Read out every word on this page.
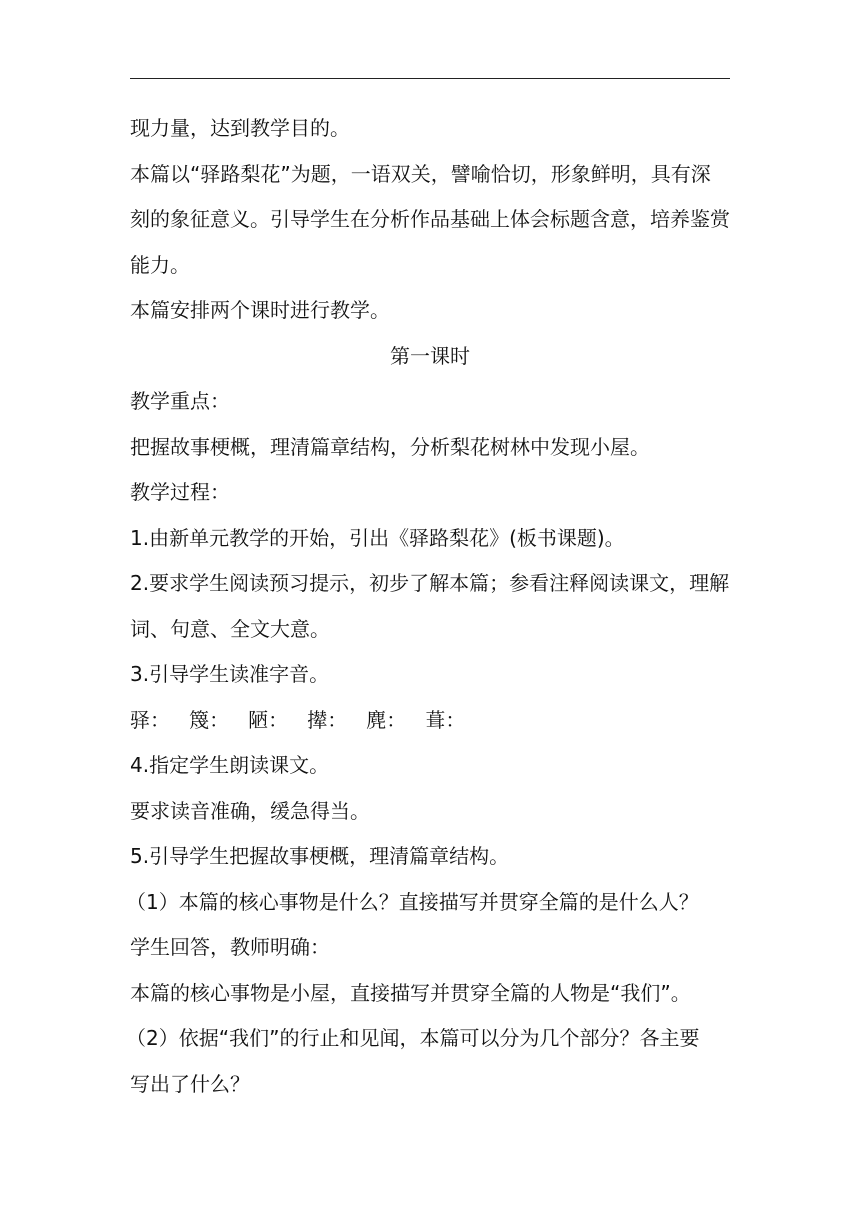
现力量，达到教学目的。
本篇以“驿路梨花”为题，一语双关，譬喻恰切，形象鲜明，具有深
刻的象征意义。引导学生在分析作品基础上体会标题含意，培养鉴赏
能力。
本篇安排两个课时进行教学。
第一课时
教学重点：
把握故事梗概，理清篇章结构，分析梨花树林中发现小屋。
教学过程：
1.由新单元教学的开始，引出《驿路梨花》(板书课题)。
2.要求学生阅读预习提示，初步了解本篇；参看注释阅读课文，理解
词、句意、全文大意。
3.引导学生读准字音。
驿：   篾：   陋：   撵：   麂：   葺：
4.指定学生朗读课文。
要求读音准确，缓急得当。
5.引导学生把握故事梗概，理清篇章结构。
（1）本篇的核心事物是什么？直接描写并贯穿全篇的是什么人？
学生回答，教师明确：
本篇的核心事物是小屋，直接描写并贯穿全篇的人物是“我们”。
（2）依据“我们”的行止和见闻，本篇可以分为几个部分？各主要
写出了什么？
